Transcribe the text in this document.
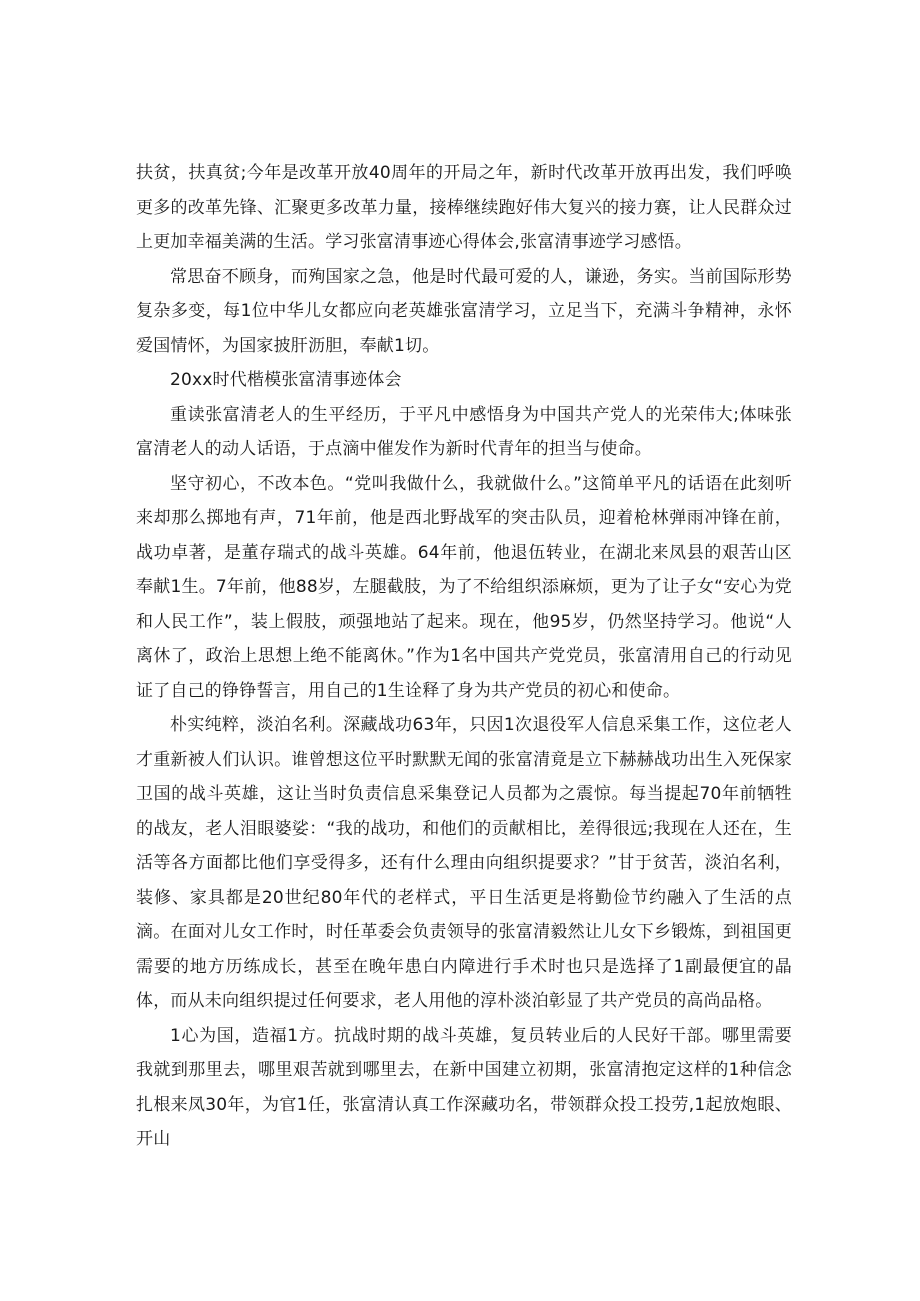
扶贫，扶真贫;今年是改革开放40周年的开局之年，新时代改革开放再出发，我们呼唤更多的改革先锋、汇聚更多改革力量，接棒继续跑好伟大复兴的接力赛，让人民群众过上更加幸福美满的生活。学习张富清事迹心得体会,张富清事迹学习感悟。

常思奋不顾身，而殉国家之急，他是时代最可爱的人，谦逊，务实。当前国际形势复杂多变，每1位中华儿女都应向老英雄张富清学习，立足当下，充满斗争精神，永怀爱国情怀，为国家披肝沥胆，奉献1切。

20xx时代楷模张富清事迹体会

重读张富清老人的生平经历，于平凡中感悟身为中国共产党人的光荣伟大;体味张富清老人的动人话语，于点滴中催发作为新时代青年的担当与使命。

坚守初心，不改本色。“党叫我做什么，我就做什么。”这简单平凡的话语在此刻听来却那么掷地有声，71年前，他是西北野战军的突击队员，迎着枪林弹雨冲锋在前，战功卓著，是董存瑞式的战斗英雄。64年前，他退伍转业，在湖北来凤县的艰苦山区奉献1生。7年前，他88岁，左腿截肢，为了不给组织添麻烦，更为了让子女“安心为党和人民工作”，装上假肢，顽强地站了起来。现在，他95岁，仍然坚持学习。他说“人离休了，政治上思想上绝不能离休。”作为1名中国共产党党员，张富清用自己的行动见证了自己的铮铮誓言，用自己的1生诠释了身为共产党员的初心和使命。

朴实纯粹，淡泊名利。深藏战功63年，只因1次退役军人信息采集工作，这位老人才重新被人们认识。谁曾想这位平时默默无闻的张富清竟是立下赫赫战功出生入死保家卫国的战斗英雄，这让当时负责信息采集登记人员都为之震惊。每当提起70年前牺牲的战友，老人泪眼婆娑：“我的战功，和他们的贡献相比，差得很远;我现在人还在，生活等各方面都比他们享受得多，还有什么理由向组织提要求？”甘于贫苦，淡泊名利，装修、家具都是20世纪80年代的老样式，平日生活更是将勤俭节约融入了生活的点滴。在面对儿女工作时，时任革委会负责领导的张富清毅然让儿女下乡锻炼，到祖国更需要的地方历练成长，甚至在晚年患白内障进行手术时也只是选择了1副最便宜的晶体，而从未向组织提过任何要求，老人用他的淳朴淡泊彰显了共产党员的高尚品格。

1心为国，造福1方。抗战时期的战斗英雄，复员转业后的人民好干部。哪里需要我就到那里去，哪里艰苦就到哪里去，在新中国建立初期，张富清抱定这样的1种信念扎根来凤30年，为官1任，张富清认真工作深藏功名，带领群众投工投劳,1起放炮眼、开山
